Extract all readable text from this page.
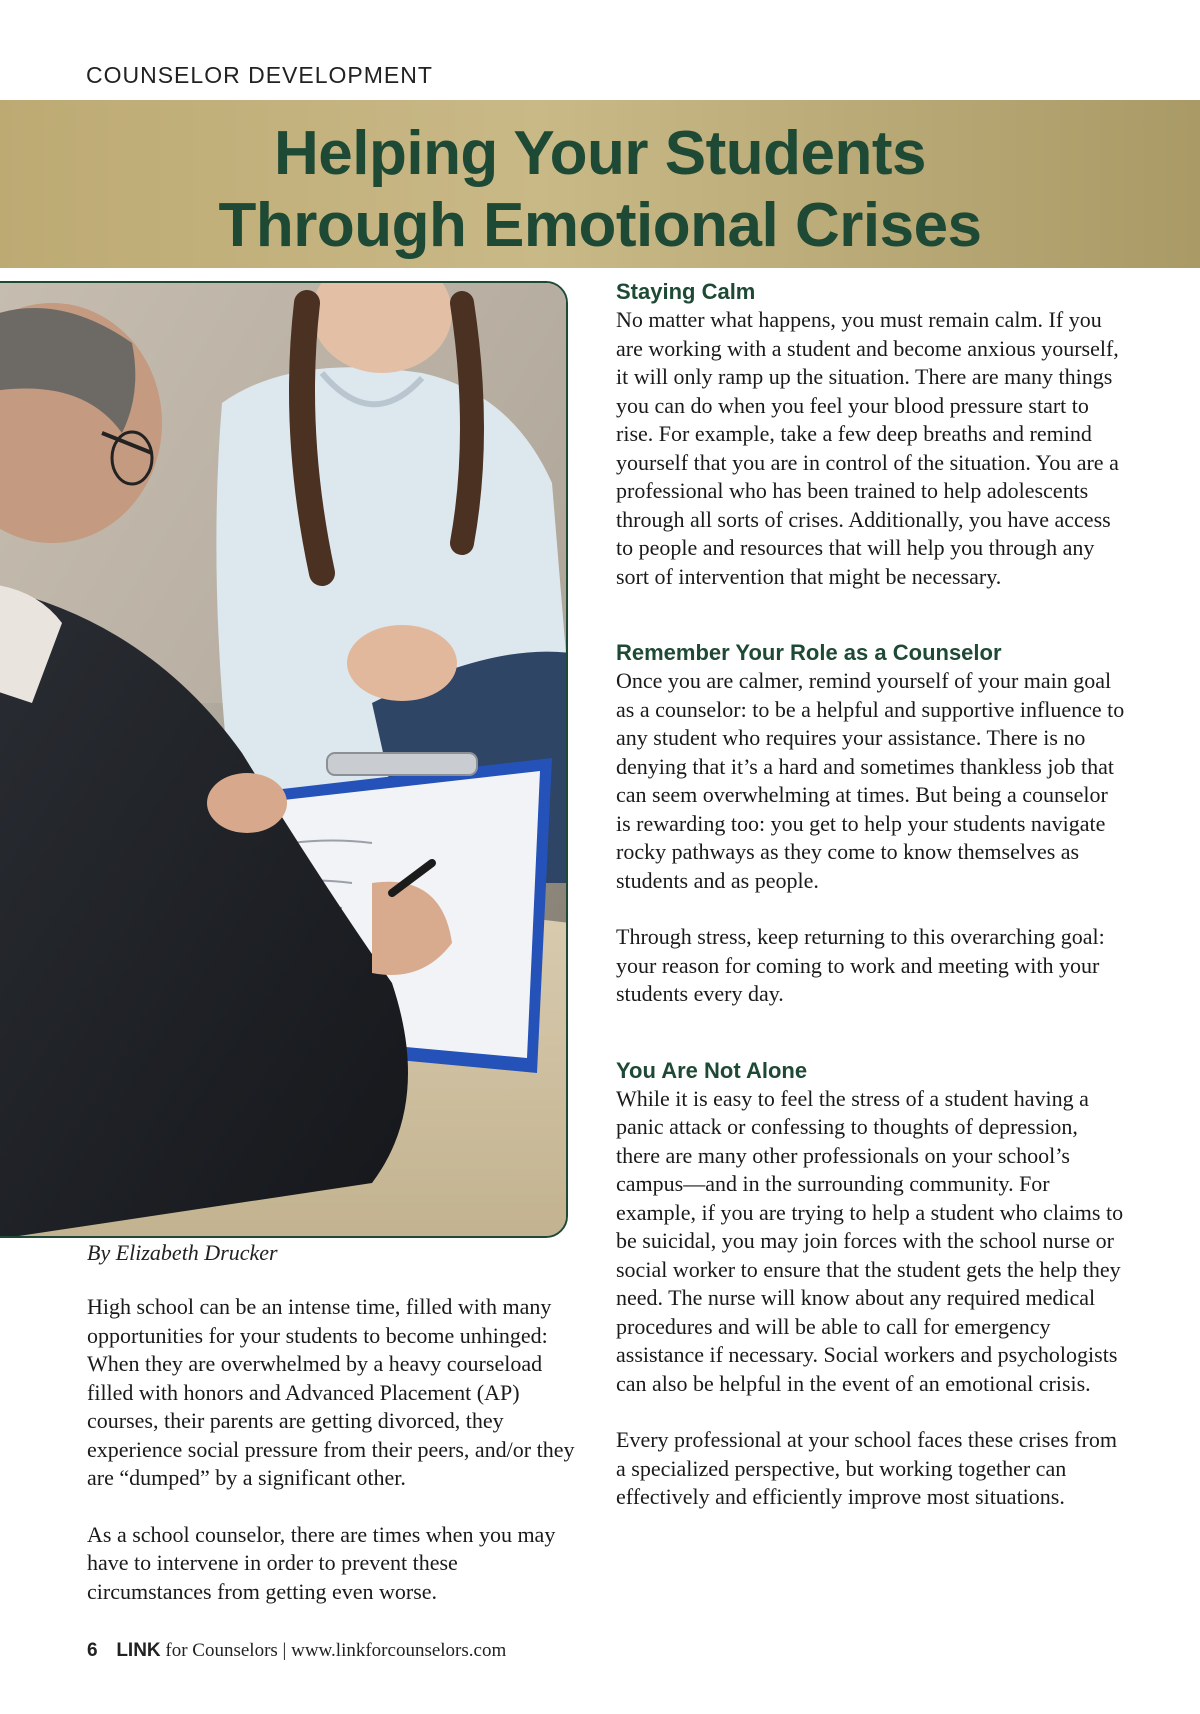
COUNSELOR DEVELOPMENT
Helping Your Students
Through Emotional Crises
By Elizabeth Drucker

High school can be an intense time, filled with many opportunities for your students to become unhinged: When they are overwhelmed by a heavy courseload filled with honors and Advanced Placement (AP) courses, their parents are getting divorced, they experience social pressure from their peers, and/or they are “dumped” by a significant other.

As a school counselor, there are times when you may have to intervene in order to prevent these circumstances from getting even worse.

Staying Calm

No matter what happens, you must remain calm. If you are working with a student and become anxious yourself, it will only ramp up the situation. There are many things you can do when you feel your blood pressure start to rise. For example, take a few deep breaths and remind yourself that you are in control of the situation. You are a professional who has been trained to help adolescents through all sorts of crises. Additionally, you have access to people and resources that will help you through any sort of intervention that might be necessary.

Remember Your Role as a Counselor

Once you are calmer, remind yourself of your main goal as a counselor: to be a helpful and supportive influence to any student who requires your assistance. There is no denying that it’s a hard and sometimes thankless job that can seem overwhelming at times. But being a counselor is rewarding too: you get to help your students navigate rocky pathways as they come to know themselves as students and as people.

Through stress, keep returning to this overarching goal: your reason for coming to work and meeting with your students every day.

You Are Not Alone

While it is easy to feel the stress of a student having a panic attack or confessing to thoughts of depression, there are many other professionals on your school’s campus—and in the surrounding community. For example, if you are trying to help a student who claims to be suicidal, you may join forces with the school nurse or social worker to ensure that the student gets the help they need. The nurse will know about any required medical procedures and will be able to call for emergency assistance if necessary. Social workers and psychologists can also be helpful in the event of an emotional crisis.

Every professional at your school faces these crises from a specialized perspective, but working together can effectively and efficiently improve most situations.

6 LINK for Counselors | www.linkforcounselors.com
